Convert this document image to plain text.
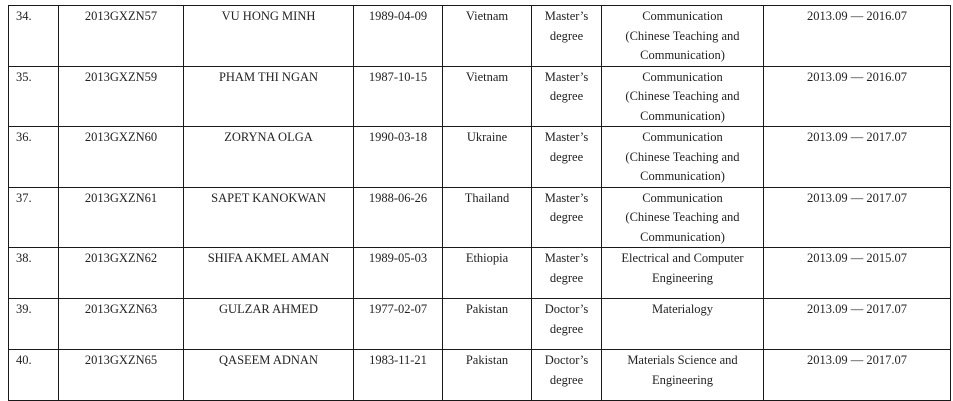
34.	2013GXZN57	VU HONG MINH	1989-04-09	Vietnam	Master’s
degree	Communication
(Chinese Teaching and
Communication)	2013.09 — 2016.07
35.	2013GXZN59	PHAM THI NGAN	1987-10-15	Vietnam	Master’s
degree	Communication
(Chinese Teaching and
Communication)	2013.09 — 2016.07
36.	2013GXZN60	ZORYNA OLGA	1990-03-18	Ukraine	Master’s
degree	Communication
(Chinese Teaching and
Communication)	2013.09 — 2017.07
37.	2013GXZN61	SAPET KANOKWAN	1988-06-26	Thailand	Master’s
degree	Communication
(Chinese Teaching and
Communication)	2013.09 — 2017.07
38.	2013GXZN62	SHIFA AKMEL AMAN	1989-05-03	Ethiopia	Master’s
degree	Electrical and Computer
Engineering	2013.09 — 2015.07
39.	2013GXZN63	GULZAR AHMED	1977-02-07	Pakistan	Doctor’s
degree	Materialogy	2013.09 — 2017.07
40.	2013GXZN65	QASEEM ADNAN	1983-11-21	Pakistan	Doctor’s
degree	Materials Science and
Engineering	2013.09 — 2017.07
